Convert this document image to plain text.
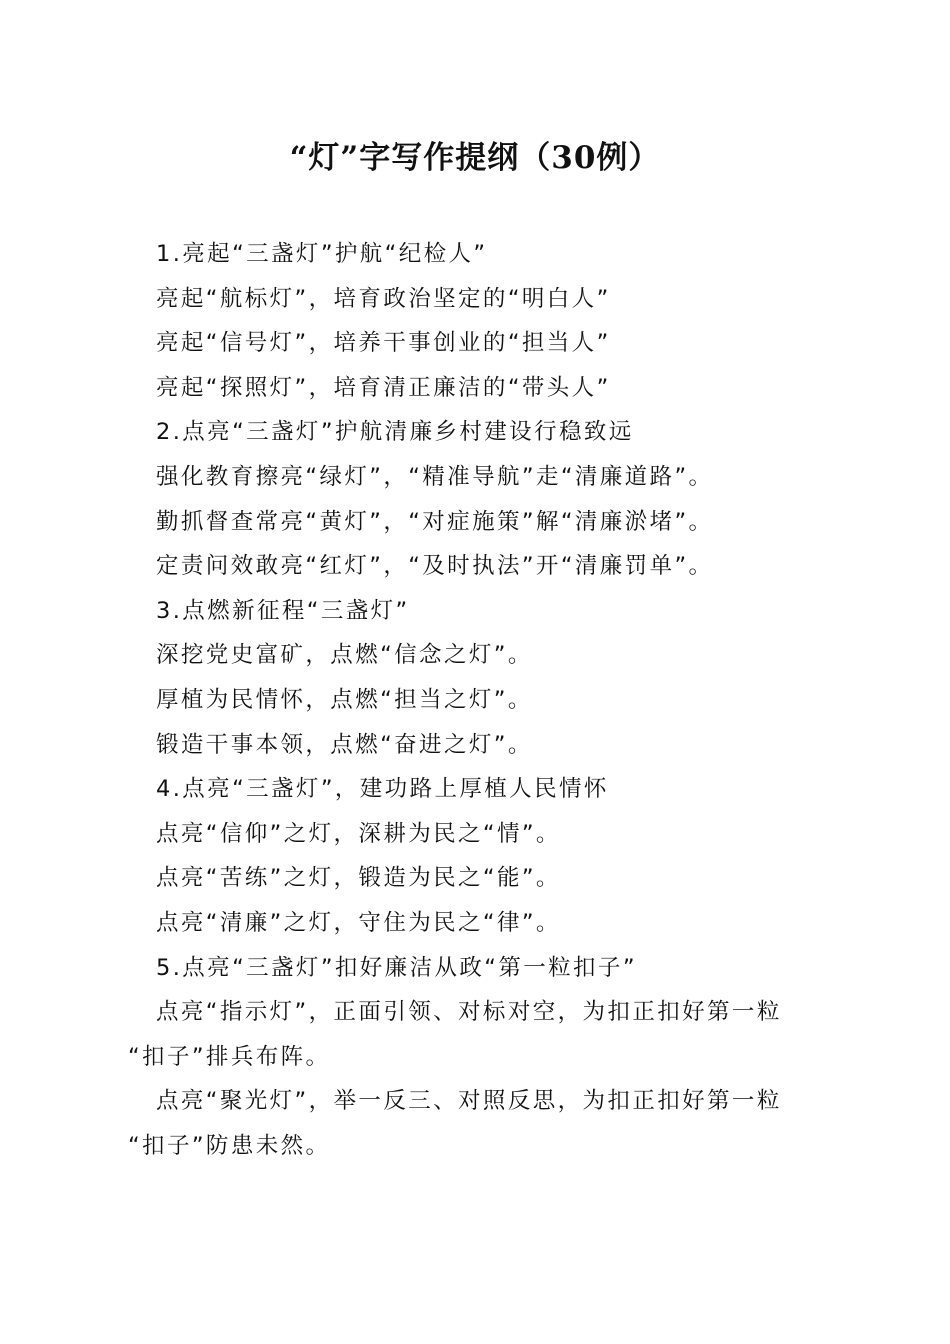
“灯”字写作提纲（30例）
1.亮起“三盏灯”护航“纪检人”
亮起“航标灯”，培育政治坚定的“明白人”
亮起“信号灯”，培养干事创业的“担当人”
亮起“探照灯”，培育清正廉洁的“带头人”
2.点亮“三盏灯”护航清廉乡村建设行稳致远
强化教育擦亮“绿灯”，“精准导航”走“清廉道路”。
勤抓督查常亮“黄灯”，“对症施策”解“清廉淤堵”。
定责问效敢亮“红灯”，“及时执法”开“清廉罚单”。
3.点燃新征程“三盏灯”
深挖党史富矿，点燃“信念之灯”。
厚植为民情怀，点燃“担当之灯”。
锻造干事本领，点燃“奋进之灯”。
4.点亮“三盏灯”，建功路上厚植人民情怀
点亮“信仰”之灯，深耕为民之“情”。
点亮“苦练”之灯，锻造为民之“能”。
点亮“清廉”之灯，守住为民之“律”。
5.点亮“三盏灯”扣好廉洁从政“第一粒扣子”
点亮“指示灯”，正面引领、对标对空，为扣正扣好第一粒
“扣子”排兵布阵。
点亮“聚光灯”，举一反三、对照反思，为扣正扣好第一粒
“扣子”防患未然。
